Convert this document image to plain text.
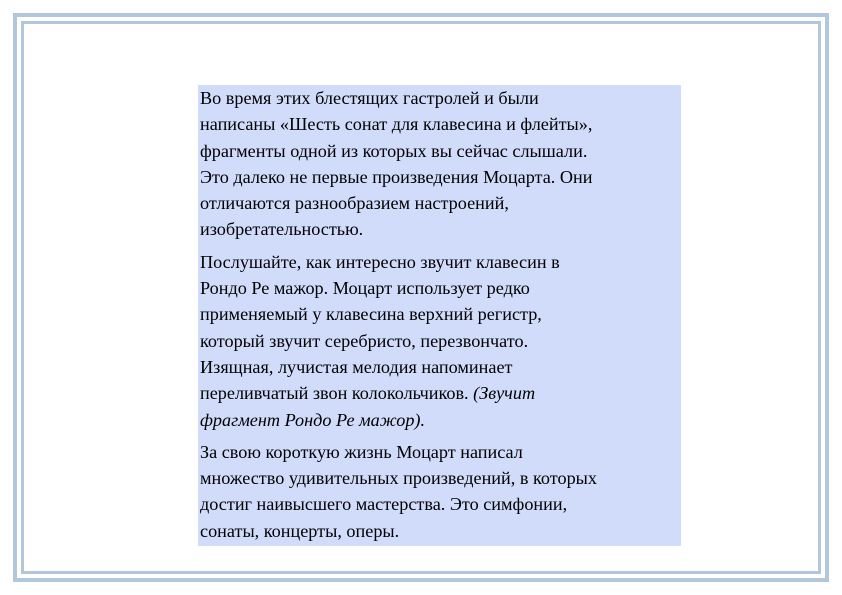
Во время этих блестящих гастролей и были
написаны «Шесть сонат для клавесина и флейты»,
фрагменты одной из которых вы сейчас слышали.
Это далеко не первые произведения Моцарта. Они
отличаются разнообразием настроений,
изобретательностью.

Послушайте, как интересно звучит клавесин в
Рондо Ре мажор. Моцарт использует редко
применяемый у клавесина верхний регистр,
который звучит серебристо, перезвончато.
Изящная, лучистая мелодия напоминает
переливчатый звон колокольчиков. (Звучит
фрагмент Рондо Ре мажор).

За свою короткую жизнь Моцарт написал
множество удивительных произведений, в которых
достиг наивысшего мастерства. Это симфонии,
сонаты, концерты, оперы.
